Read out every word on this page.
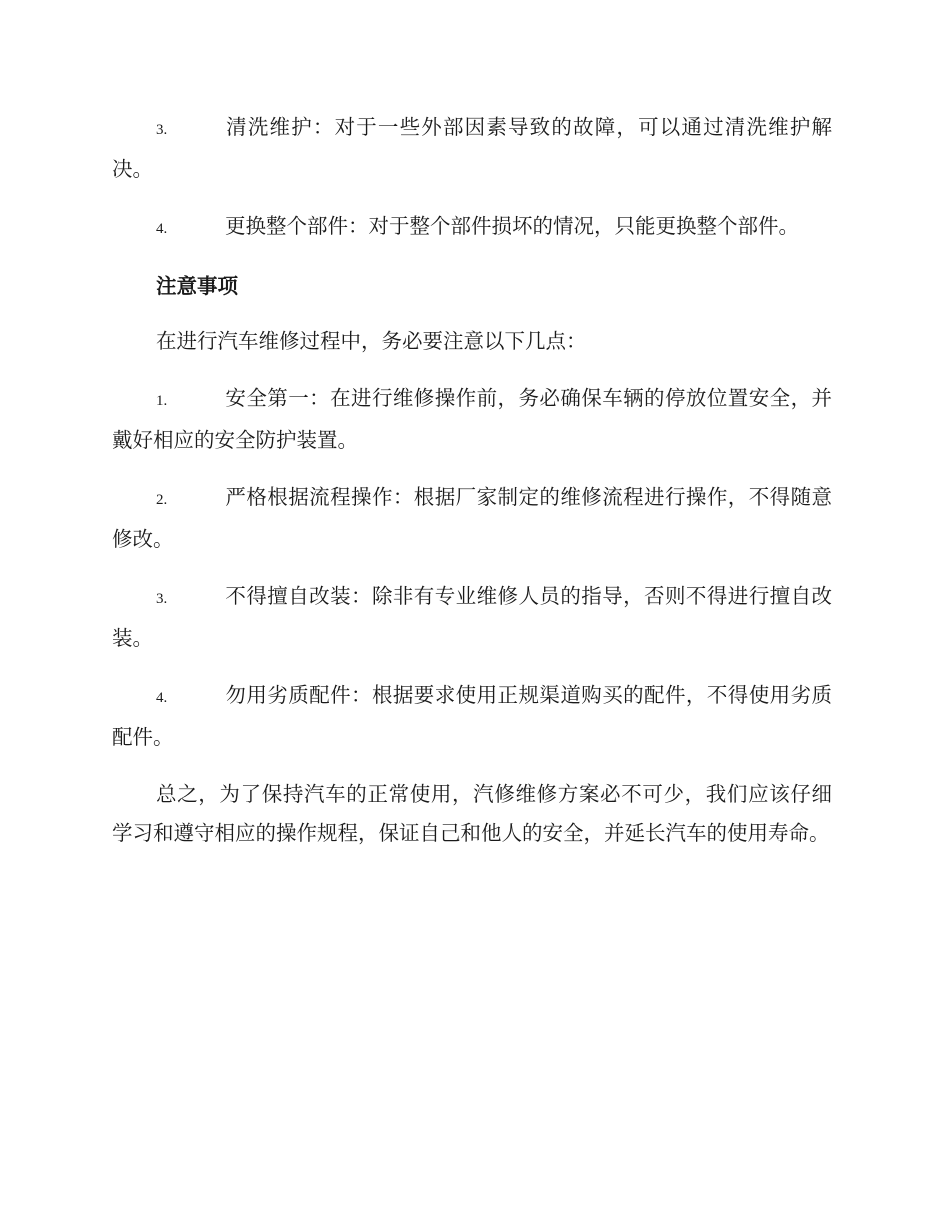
3.	清洗维护：对于一些外部因素导致的故障，可以通过清洗维护解决。
4.	更换整个部件：对于整个部件损坏的情况，只能更换整个部件。
注意事项
在进行汽车维修过程中，务必要注意以下几点：
1.	安全第一：在进行维修操作前，务必确保车辆的停放位置安全，并戴好相应的安全防护装置。
2.	严格根据流程操作：根据厂家制定的维修流程进行操作，不得随意修改。
3.	不得擅自改装：除非有专业维修人员的指导，否则不得进行擅自改装。
4.	勿用劣质配件：根据要求使用正规渠道购买的配件，不得使用劣质配件。
总之，为了保持汽车的正常使用，汽修维修方案必不可少，我们应该仔细学习和遵守相应的操作规程，保证自己和他人的安全，并延长汽车的使用寿命。
